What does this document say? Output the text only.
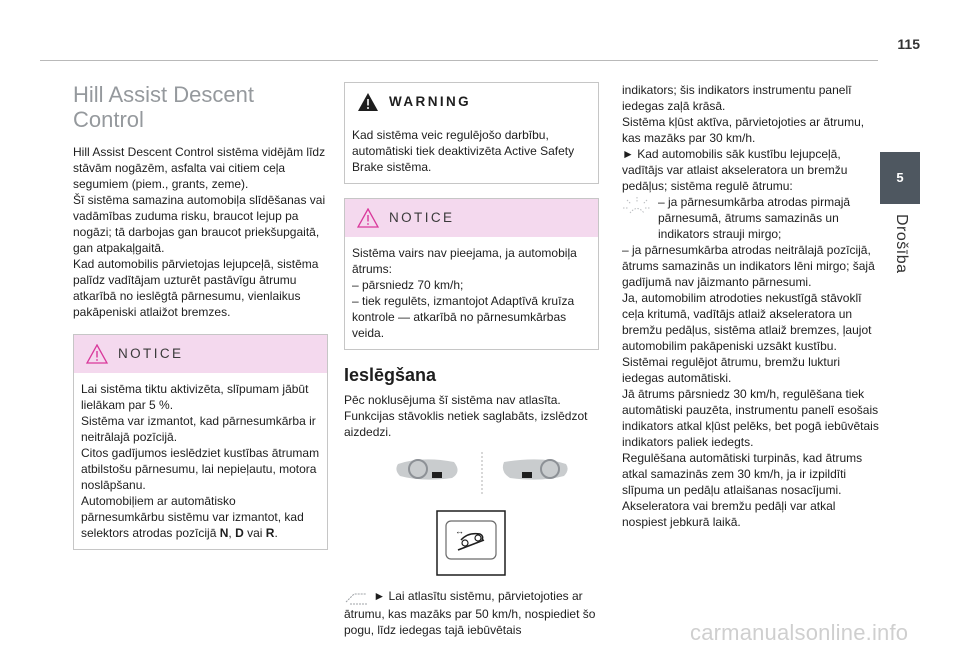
115
5
Drošība
Hill Assist Descent Control

Hill Assist Descent Control sistēma vidējām līdz stāvām nogāzēm, asfalta vai citiem ceļa segumiem (piem., grants, zeme).

Šī sistēma samazina automobiļa slīdēšanas vai vadāmības zuduma risku, braucot lejup pa nogāzi; tā darbojas gan braucot priekšupgaitā, gan atpakaļgaitā.

Kad automobilis pārvietojas lejupceļā, sistēma palīdz vadītājam uzturēt pastāvīgu ātrumu atkarībā no ieslēgtā pārnesumu, vienlaikus pakāpeniski atlaižot bremzes.

NOTICE

Lai sistēma tiktu aktivizēta, slīpumam jābūt lielākam par 5 %.

Sistēma var izmantot, kad pārnesumkārba ir neitrālajā pozīcijā.

Citos gadījumos ieslēdziet kustības ātrumam atbilstošu pārnesumu, lai nepieļautu, motora noslāpšanu.

Automobiļiem ar automātisko pārnesumkārbu sistēmu var izmantot, kad selektors atrodas pozīcijā N, D vai R.

WARNING

Kad sistēma veic regulējošo darbību, automātiski tiek deaktivizēta Active Safety Brake sistēma.

NOTICE

Sistēma vairs nav pieejama, ja automobiļa ātrums:

– pārsniedz 70 km/h;

– tiek regulēts, izmantojot Adaptīvā kruīza kontrole — atkarībā no pārnesumkārbas veida.

Ieslēgšana

Pēc noklusējuma šī sistēma nav atlasīta. Funkcijas stāvoklis netiek saglabāts, izslēdzot aizdedzi.

↔

► Lai atlasītu sistēmu, pārvietojoties ar ātrumu, kas mazāks par 50 km/h, nospiediet šo pogu, līdz iedegas tajā iebūvētais

indikators; šis indikators instrumentu panelī iedegas zaļā krāsā.

Sistēma kļūst aktīva, pārvietojoties ar ātrumu, kas mazāks par 30 km/h.

► Kad automobilis sāk kustību lejupceļā, vadītājs var atlaist akseleratora un bremžu pedāļus; sistēma regulē ātrumu:

– ja pārnesumkārba atrodas pirmajā pārnesumā, ātrums samazinās un indikators strauji mirgo;

– ja pārnesumkārba atrodas neitrālajā pozīcijā, ātrums samazinās un indikators lēni mirgo; šajā gadījumā nav jāizmanto pārnesumi.

Ja, automobilim atrodoties nekustīgā stāvoklī ceļa kritumā, vadītājs atlaiž akseleratora un bremžu pedāļus, sistēma atlaiž bremzes, ļaujot automobilim pakāpeniski uzsākt kustību.

Sistēmai regulējot ātrumu, bremžu lukturi iedegas automātiski.

Jā ātrums pārsniedz 30 km/h, regulēšana tiek automātiski pauzēta, instrumentu panelī esošais indikators atkal kļūst pelēks, bet pogā iebūvētais indikators paliek iedegts.

Regulēšana automātiski turpinās, kad ātrums atkal samazinās zem 30 km/h, ja ir izpildīti slīpuma un pedāļu atlaišanas nosacījumi.

Akseleratora vai bremžu pedāļi var atkal nospiest jebkurā laikā.

carmanualsonline.info
